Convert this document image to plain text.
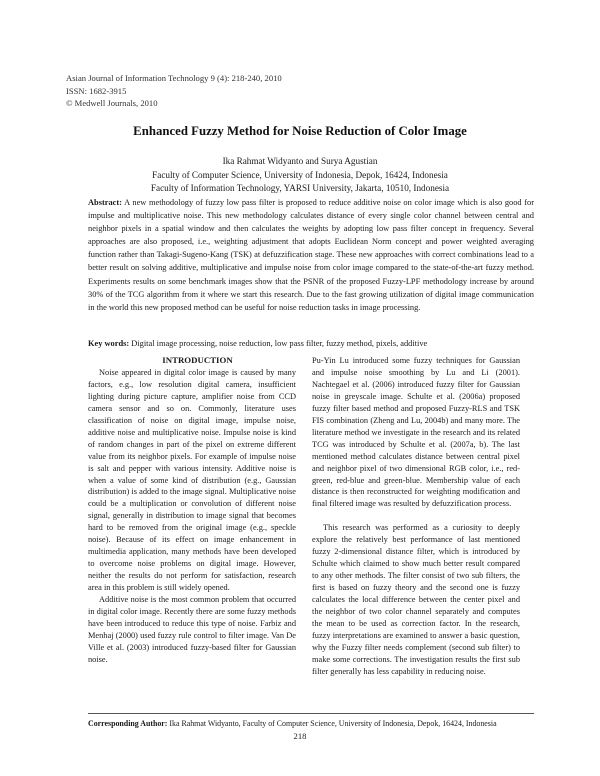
Asian Journal of Information Technology 9 (4): 218-240, 2010
ISSN: 1682-3915
© Medwell Journals, 2010
Enhanced Fuzzy Method for Noise Reduction of Color Image
Ika Rahmat Widyanto and Surya Agustian
Faculty of Computer Science, University of Indonesia, Depok, 16424, Indonesia
Faculty of Information Technology, YARSI University, Jakarta, 10510, Indonesia
Abstract: A new methodology of fuzzy low pass filter is proposed to reduce additive noise on color image which is also good for impulse and multiplicative noise. This new methodology calculates distance of every single color channel between central and neighbor pixels in a spatial window and then calculates the weights by adopting low pass filter concept in frequency. Several approaches are also proposed, i.e., weighting adjustment that adopts Euclidean Norm concept and power weighted averaging function rather than Takagi-Sugeno-Kang (TSK) at defuzzification stage. These new approaches with correct combinations lead to a better result on solving additive, multiplicative and impulse noise from color image compared to the state-of-the-art fuzzy method. Experiments results on some benchmark images show that the PSNR of the proposed Fuzzy-LPF methodology increase by around 30% of the TCG algorithm from it where we start this research. Due to the fast growing utilization of digital image communication in the world this new proposed method can be useful for noise reduction tasks in image processing.
Key words: Digital image processing, noise reduction, low pass filter, fuzzy method, pixels, additive

INTRODUCTION

Noise appeared in digital color image is caused by many factors, e.g., low resolution digital camera, insufficient lighting during picture capture, amplifier noise from CCD camera sensor and so on. Commonly, literature uses classification of noise on digital image, impulse noise, additive noise and multiplicative noise. Impulse noise is kind of random changes in part of the pixel on extreme different value from its neighbor pixels. For example of impulse noise is salt and pepper with various intensity. Additive noise is when a value of some kind of distribution (e.g., Gaussian distribution) is added to the image signal. Multiplicative noise could be a multiplication or convolution of different noise signal, generally in distribution to image signal that becomes hard to be removed from the original image (e.g., speckle noise). Because of its effect on image enhancement in multimedia application, many methods have been developed to overcome noise problems on digital image. However, neither the results do not perform for satisfaction, research area in this problem is still widely opened.

Additive noise is the most common problem that occurred in digital color image. Recently there are some fuzzy methods have been introduced to reduce this type of noise. Farbiz and Menhaj (2000) used fuzzy rule control to filter image. Van De Ville et al. (2003) introduced fuzzy-based filter for Gaussian noise.

Pu-Yin Lu introduced some fuzzy techniques for Gaussian and impulse noise smoothing by Lu and Li (2001). Nachtegael et al. (2006) introduced fuzzy filter for Gaussian noise in greyscale image. Schulte et al. (2006a) proposed fuzzy filter based method and proposed Fuzzy-RLS and TSK FIS combination (Zheng and Lu, 2004b) and many more. The literature method we investigate in the research and its related TCG was introduced by Schulte et al. (2007a, b). The last mentioned method calculates distance between central pixel and neighbor pixel of two dimensional RGB color, i.e., red-green, red-blue and green-blue. Membership value of each distance is then reconstructed for weighting modification and final filtered image was resulted by defuzzification process.

This research was performed as a curiosity to deeply explore the relatively best performance of last mentioned fuzzy 2-dimensional distance filter, which is introduced by Schulte which claimed to show much better result compared to any other methods. The filter consist of two sub filters, the first is based on fuzzy theory and the second one is fuzzy calculates the local difference between the center pixel and the neighbor of two color channel separately and computes the mean to be used as correction factor. In the research, fuzzy interpretations are examined to answer a basic question, why the Fuzzy filter needs complement (second sub filter) to make some corrections. The investigation results the first sub filter generally has less capability in reducing noise.

Corresponding Author: Ika Rahmat Widyanto, Faculty of Computer Science, University of Indonesia, Depok, 16424, Indonesia
218
